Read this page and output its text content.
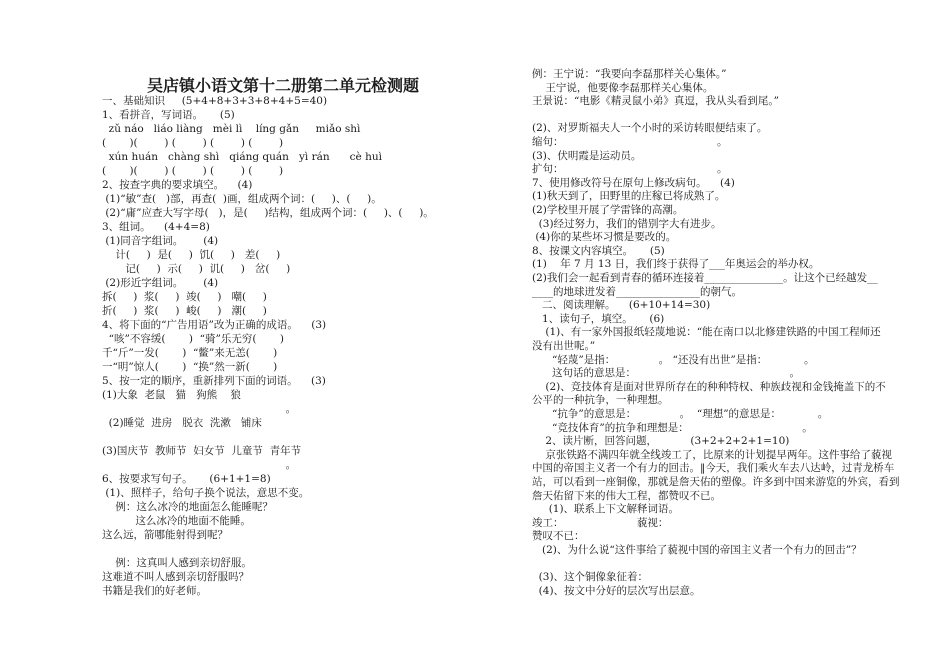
吴店镇小语文第十二册第二单元检测题
一、基础知识     (5+4+8+3+3+8+4+5=40)
1、看拼音，写词语。     (5)
zǔ náo   liáo liàng   mèi lì    líng gǎn     miǎo shì
(       )(        ) (        ) (        ) (        )
xún huán   chàng shì   qiáng quán   yì rán      cè huì
(       )(        ) (        ) (        ) (        )
2、按查字典的要求填空。    (4)
(1)“敏”查(   )部，再查(  )画，组成两个词：(     )、(     )。
(2)“庸”应查大写字母(   )，是(     )结构，组成两个词：(     )、(     )。
3、组词。    (4+4=8)
(1)同音字组词。      (4)
计(     )  是(     )  饥(     )   差(     )
记(     )  示(     )  讥(     )   岔(     )
(2)形近字组词。      (4)
拆(     )  浆(     )  竣(     )   嘲(     )
折(     )  浆(     )  峻(     )   潮(     )
4、将下面的“广告用语”改为正确的成语。    (3)
“咳”不容缓(       )  “骑”乐无穷(       )
千“斤”一发(       )  “鳖”来无恙(       )
一“明”惊人(       )  “换”然一新(       )
5、按一定的顺序，重新排列下面的词语。    (3)
(1)大象  老鼠   猫   狗熊    狼
。
(2)睡觉  进房   脱衣  洗漱   铺床
(3)国庆节  教师节  妇女节  儿童节  青年节
。
6、按要求写句子。     (6+1+1=8)
(1)、照样子，给句子换个说法，意思不变。
例：这么冰冷的地面怎么能睡呢？
这么冰冷的地面不能睡。
这么远，箭哪能射得到呢？
例：这真叫人感到亲切舒服。
这难道不叫人感到亲切舒服吗？
书籍是我们的好老师。
例：王宁说：“我要向李磊那样关心集体。”
王宁说，他要像李磊那样关心集体。
王景说：“电影《精灵鼠小弟》真逗，我从头看到尾。”
(2)、对罗斯福夫人一个小时的采访转眼便结束了。
缩句：                                              。
(3)、伏明霞是运动员。
扩句：                                              。
7、使用修改符号在原句上修改病句。    (4)
(1)秋天到了，田野里的庄稼已将成熟了。
(2)学校里开展了学雷锋的高潮。
(3)经过努力，我们的错别字大有进步。
(4)你的某些坏习惯是要改的。
8、按课文内容填空。     (5)
(1)    年 7 月 13 日，我们终于获得了___年奥运会的举办权。
(2)我们会一起看到青春的循环连接着_______________。让这个已经越发__
____的地球迸发着________________的朝气。
二、阅读理解。    (6+10+14=30)
1、读句子，填空。     (6)
(1)、有一家外国报纸轻蔑地说：“能在南口以北修建铁路的中国工程师还
没有出世呢。”
“轻蔑”是指：             。 “还没有出世”是指：           。
这句话的意思是：                                              。
(2)、竞技体育是面对世界所存在的种种特权、种族歧视和金钱掩盖下的不
公平的一种抗争，一种理想。
“抗争”的意思是：             。  “理想”的意思是：           。
“竞技体育”的抗争和理想是：                                  。
2、读片断，回答问题，          (3+2+2+2+1=10)
京张铁路不满四年就全线竣工了，比原来的计划提早两年。这件事给了藐视
中国的帝国主义者一个有力的回击。‖今天，我们乘火车去八达岭，过青龙桥车
站，可以看到一座铜像，那就是詹天佑的塑像。许多到中国来游览的外宾，看到
詹天佑留下来的伟大工程，都赞叹不已。
(1)、联系上下文解释词语。
竣工：                      藐视：
赞叹不已：
(2)、为什么说“这件事给了藐视中国的帝国主义者一个有力的回击”？
(3)、这个铜像象征着：
(4)、按文中分好的层次写出层意。
